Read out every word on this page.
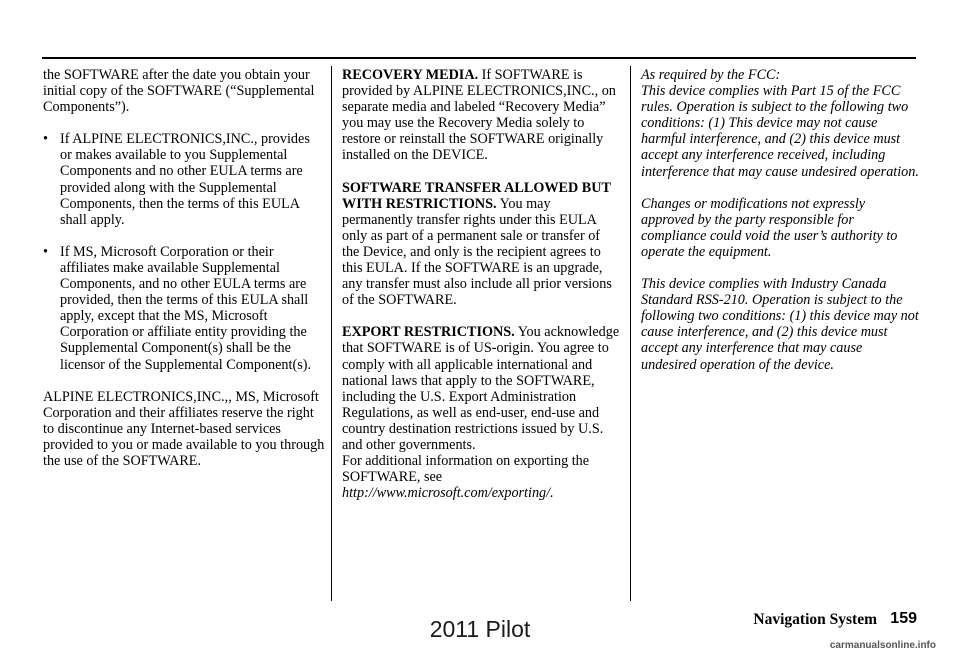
the SOFTWARE after the date you obtain your initial copy of the SOFTWARE (“Supplemental Components”).

• If ALPINE ELECTRONICS,INC., provides or makes available to you Supplemental Components and no other EULA terms are provided along with the Supplemental Components, then the terms of this EULA shall apply.

• If MS, Microsoft Corporation or their affiliates make available Supplemental Components, and no other EULA terms are provided, then the terms of this EULA shall apply, except that the MS, Microsoft Corporation or affiliate entity providing the Supplemental Component(s) shall be the licensor of the Supplemental Component(s).

ALPINE ELECTRONICS,INC.,, MS, Microsoft Corporation and their affiliates reserve the right to discontinue any Internet-based services provided to you or made available to you through the use of the SOFTWARE.

RECOVERY MEDIA. If SOFTWARE is provided by ALPINE ELECTRONICS,INC., on separate media and labeled “Recovery Media” you may use the Recovery Media solely to restore or reinstall the SOFTWARE originally installed on the DEVICE.

SOFTWARE TRANSFER ALLOWED BUT WITH RESTRICTIONS. You may permanently transfer rights under this EULA only as part of a permanent sale or transfer of the Device, and only is the recipient agrees to this EULA. If the SOFTWARE is an upgrade, any transfer must also include all prior versions of the SOFTWARE.

EXPORT RESTRICTIONS. You acknowledge that SOFTWARE is of US-origin. You agree to comply with all applicable international and national laws that apply to the SOFTWARE, including the U.S. Export Administration Regulations, as well as end-user, end-use and country destination restrictions issued by U.S. and other governments.

For additional information on exporting the SOFTWARE, see http://www.microsoft.com/exporting/.

As required by the FCC:

This device complies with Part 15 of the FCC rules. Operation is subject to the following two conditions: (1) This device may not cause harmful interference, and (2) this device must accept any interference received, including interference that may cause undesired operation.

Changes or modifications not expressly approved by the party responsible for compliance could void the user’s authority to operate the equipment.

This device complies with Industry Canada Standard RSS-210. Operation is subject to the following two conditions: (1) this device may not cause interference, and (2) this device must accept any interference that may cause undesired operation of the device.

Navigation System 159
2011 Pilot
carmanualsonline.info
